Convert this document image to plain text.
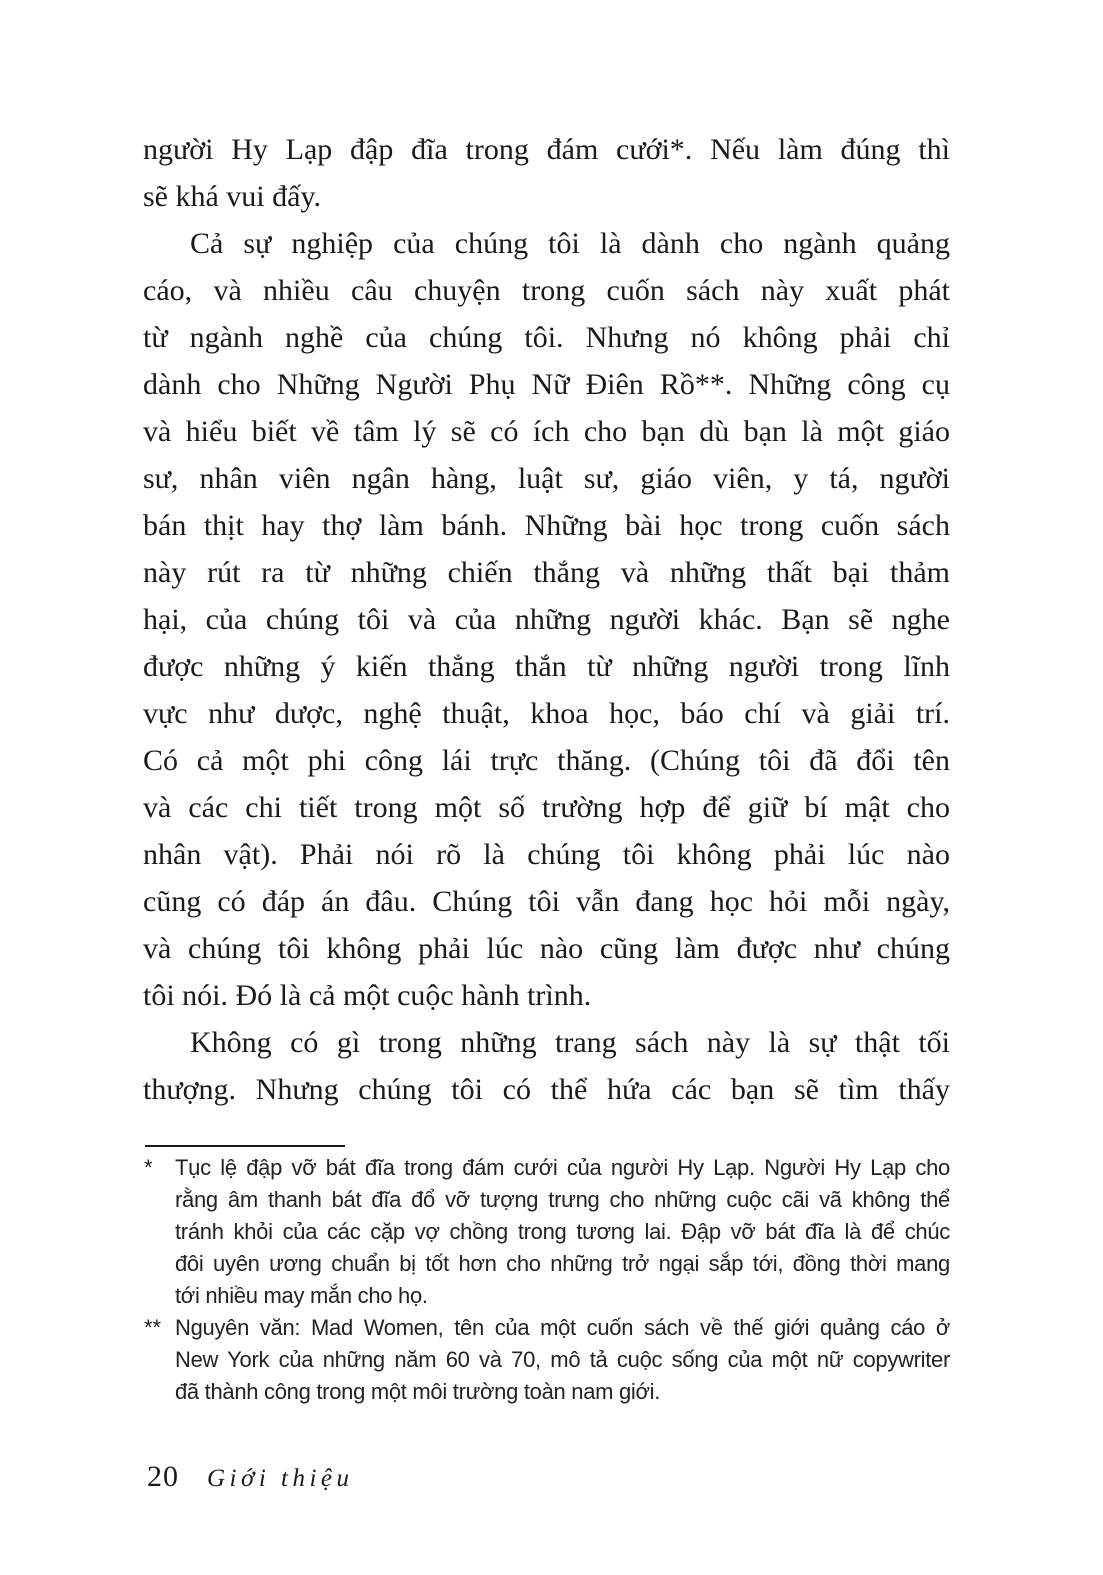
người Hy Lạp đập đĩa trong đám cưới*. Nếu làm đúng thì
sẽ khá vui đấy.
Cả sự nghiệp của chúng tôi là dành cho ngành quảng
cáo, và nhiều câu chuyện trong cuốn sách này xuất phát
từ ngành nghề của chúng tôi. Nhưng nó không phải chỉ
dành cho Những Người Phụ Nữ Điên Rồ**. Những công cụ
và hiểu biết về tâm lý sẽ có ích cho bạn dù bạn là một giáo
sư, nhân viên ngân hàng, luật sư, giáo viên, y tá, người
bán thịt hay thợ làm bánh. Những bài học trong cuốn sách
này rút ra từ những chiến thắng và những thất bại thảm
hại, của chúng tôi và của những người khác. Bạn sẽ nghe
được những ý kiến thẳng thắn từ những người trong lĩnh
vực như dược, nghệ thuật, khoa học, báo chí và giải trí.
Có cả một phi công lái trực thăng. (Chúng tôi đã đổi tên
và các chi tiết trong một số trường hợp để giữ bí mật cho
nhân vật). Phải nói rõ là chúng tôi không phải lúc nào
cũng có đáp án đâu. Chúng tôi vẫn đang học hỏi mỗi ngày,
và chúng tôi không phải lúc nào cũng làm được như chúng
tôi nói. Đó là cả một cuộc hành trình.
Không có gì trong những trang sách này là sự thật tối
thượng. Nhưng chúng tôi có thể hứa các bạn sẽ tìm thấy
* Tục lệ đập vỡ bát đĩa trong đám cưới của người Hy Lạp. Người Hy Lạp cho
rằng âm thanh bát đĩa đổ vỡ tượng trưng cho những cuộc cãi vã không thể
tránh khỏi của các cặp vợ chồng trong tương lai. Đập vỡ bát đĩa là để chúc
đôi uyên ương chuẩn bị tốt hơn cho những trở ngại sắp tới, đồng thời mang
tới nhiều may mắn cho họ.
** Nguyên văn: Mad Women, tên của một cuốn sách về thế giới quảng cáo ở
New York của những năm 60 và 70, mô tả cuộc sống của một nữ copywriter
đã thành công trong một môi trường toàn nam giới.
20 Giới thiệu
